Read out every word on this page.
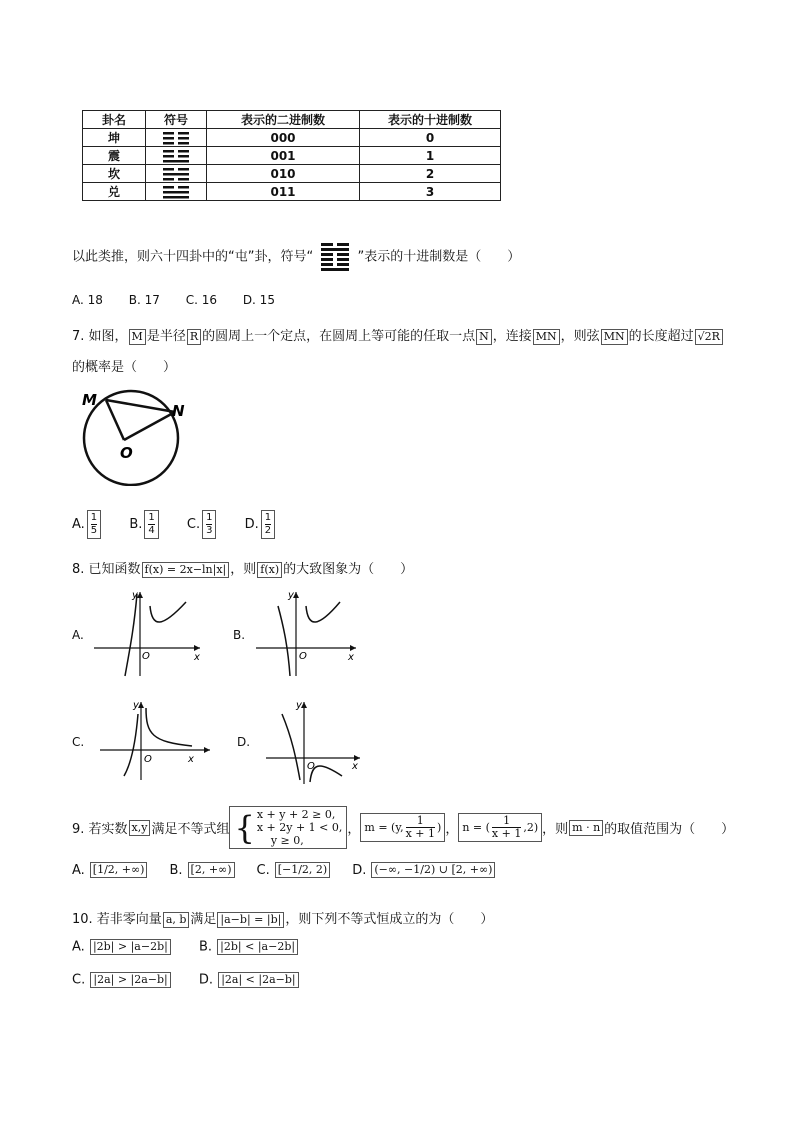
卦名	符号	表示的二进制数	表示的十进制数
坤		000	0
震		001	1
坎		010	2
兑		011	3
以此类推，则六十四卦中的“屯”卦，符号“	”表示的十进制数是（　　）
A. 18 B. 17 C. 16 D. 15
7. 如图， M 是半径 R 的圆周上一个定点，在圆周上等可能的任取一点 N ，连接 MN ，则弦 MN 的长度超过 √2R
的概率是（　　）
M
N
O
A. $\frac{1}{5} B$. $\frac{1}{4} C$. $\frac{1}{3} D$. $\frac{1}{2}$
8. 已知函数 f(x) = 2x−ln|x| ，则 f(x) 的大致图象为（　　）
A.
y
x
O
B.
y
x
O
C.
y
x
O
D.
y
x
O
9. 若实数 x,y 满足不等式组 { x + y + 2 ≥ 0,
x + 2y + 1 < 0,
y ≥ 0,
， m = (y,
1
x + 1 ) ， n = (
1
x + 1 ,2) ，则 m · n 的取值范围为（　　）
A. [1/2, +∞) B. [2, +∞) C. [−1/2, 2) D. (−∞, −1/2) ∪ [2, +∞)
10. 若非零向量 a, b 满足 |a−b| = |b| ，则下列不等式恒成立的为（　　）
A. |2b| > |a−2b| B. |2b| < |a−2b|
C. |2a| > |2a−b| D. |2a| < |2a−b|
